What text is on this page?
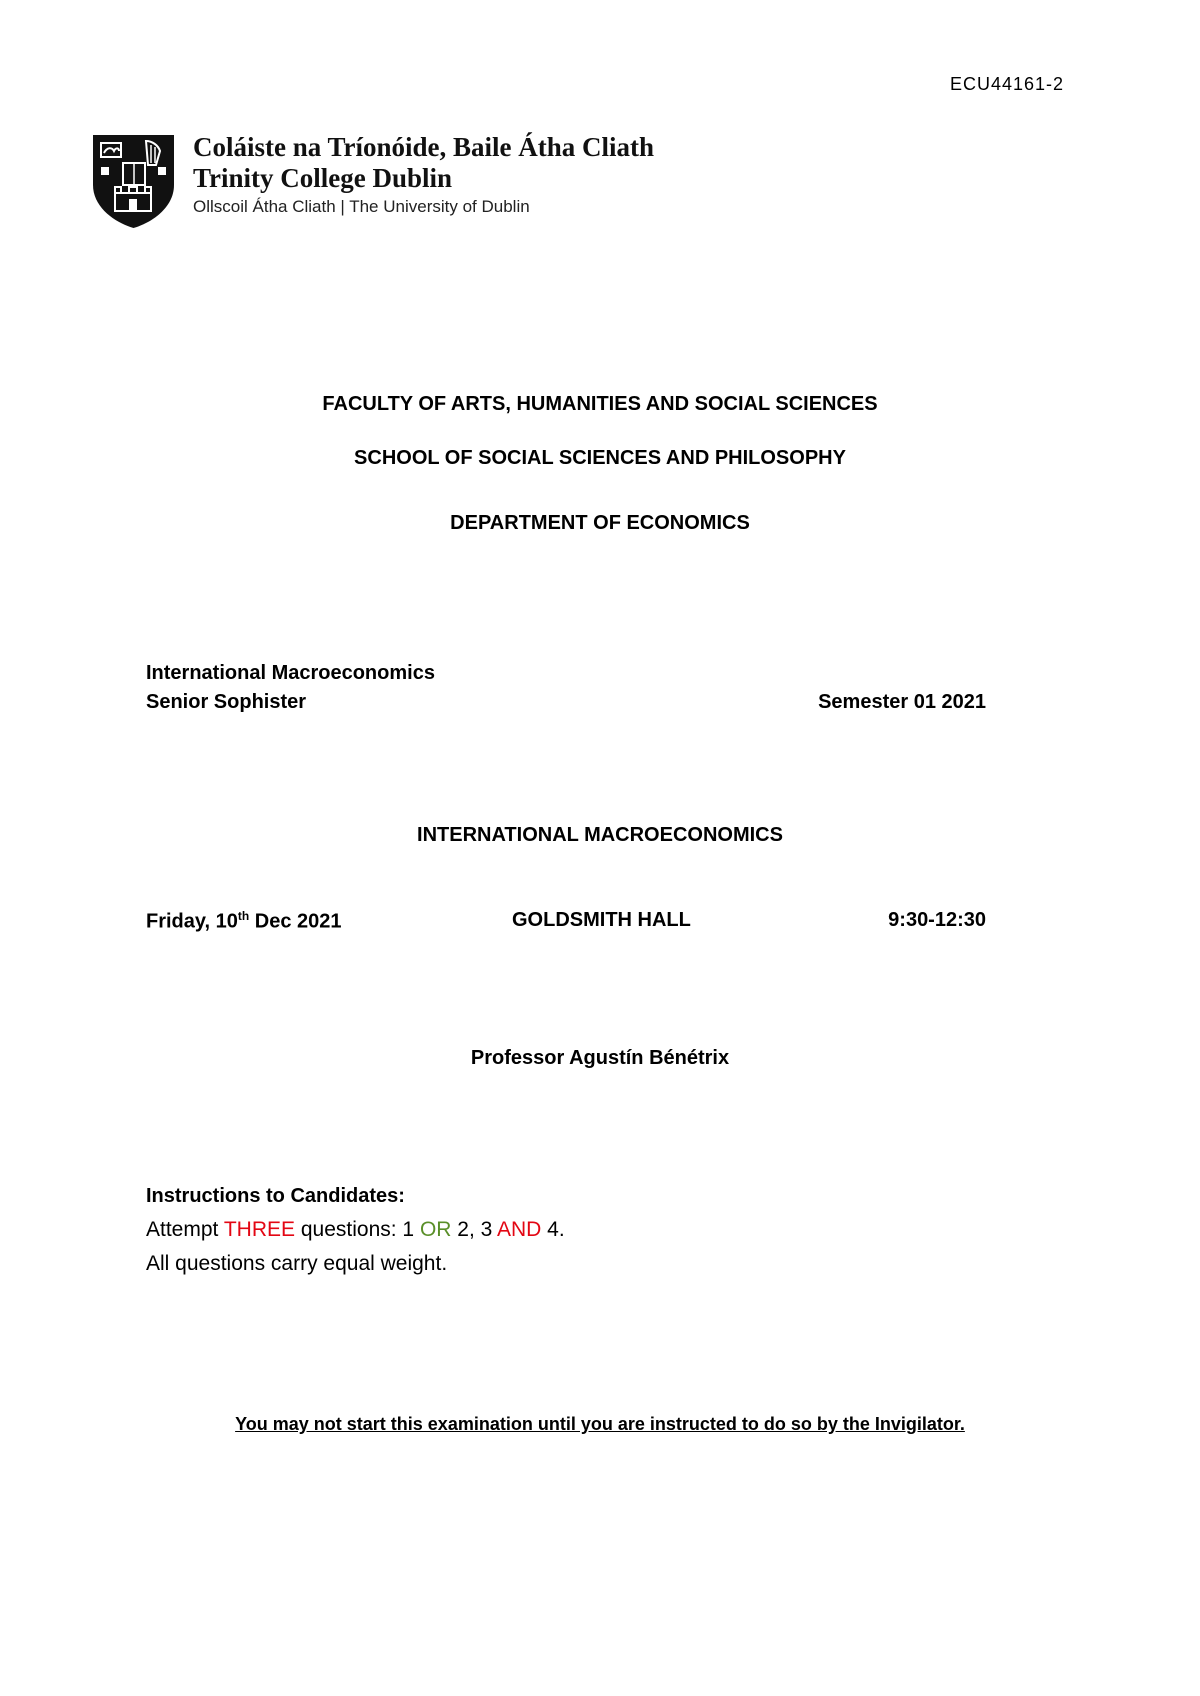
ECU44161-2
Coláiste na Tríonóide, Baile Átha Cliath
Trinity College Dublin
Ollscoil Átha Cliath | The University of Dublin
FACULTY OF ARTS, HUMANITIES AND SOCIAL SCIENCES
SCHOOL OF SOCIAL SCIENCES AND PHILOSOPHY
DEPARTMENT OF ECONOMICS
International Macroeconomics
Senior Sophister	Semester 01 2021
INTERNATIONAL MACROECONOMICS
Friday, 10th Dec 2021	GOLDSMITH HALL	9:30-12:30
Professor Agustín Bénétrix
Instructions to Candidates:
Attempt THREE questions: 1 OR 2, 3 AND 4.
All questions carry equal weight.
You may not start this examination until you are instructed to do so by the Invigilator.
